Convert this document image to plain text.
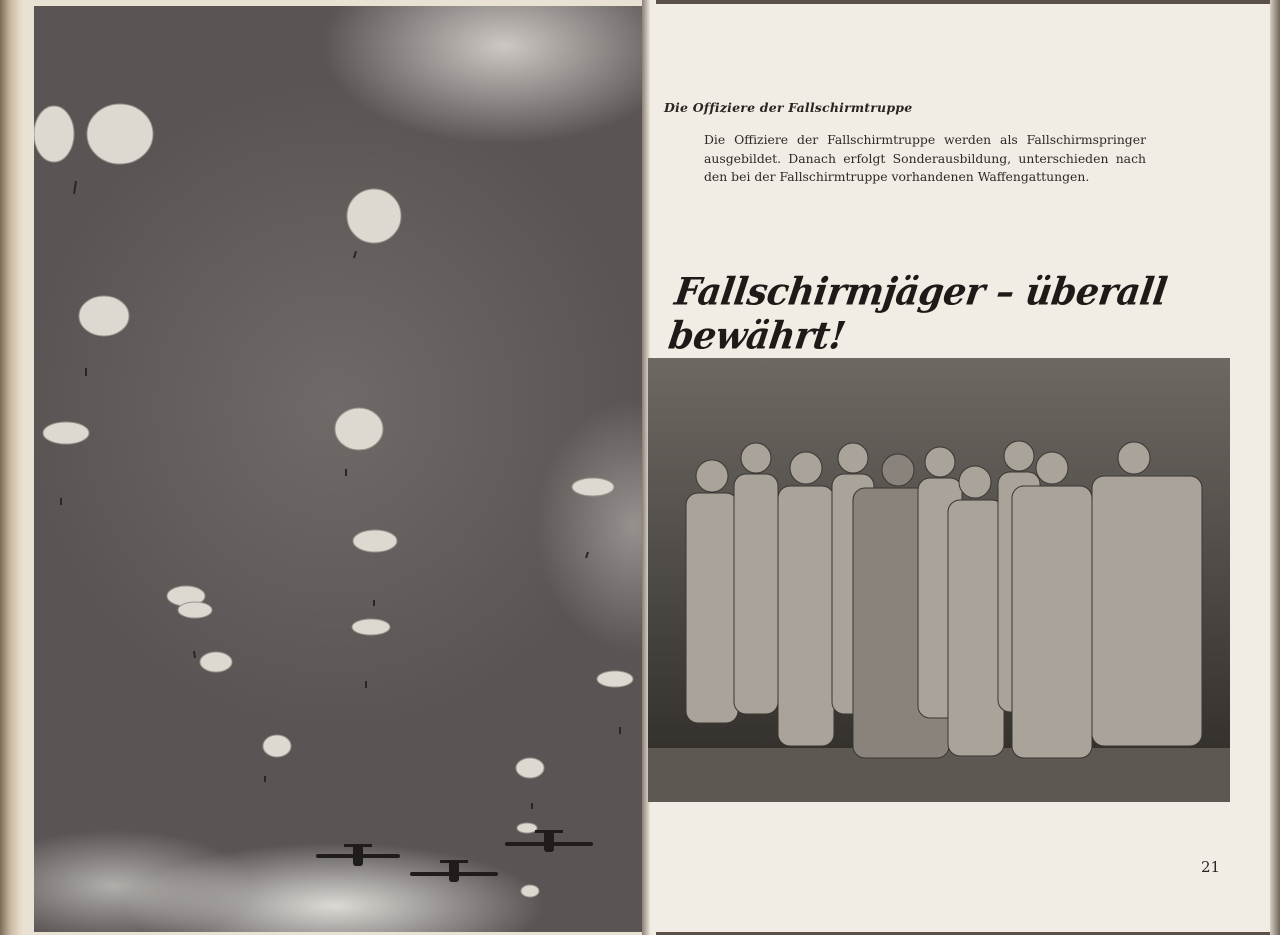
Die Offiziere der Fallschirmtruppe
Die Offiziere der Fallschirmtruppe werden als Fallschirmspringer
ausgebildet. Danach erfolgt Sonderausbildung, unterschieden nach
den bei der Fallschirmtruppe vorhandenen Waffengattungen.
Fallschirmjäger – überall bewährt!
21
